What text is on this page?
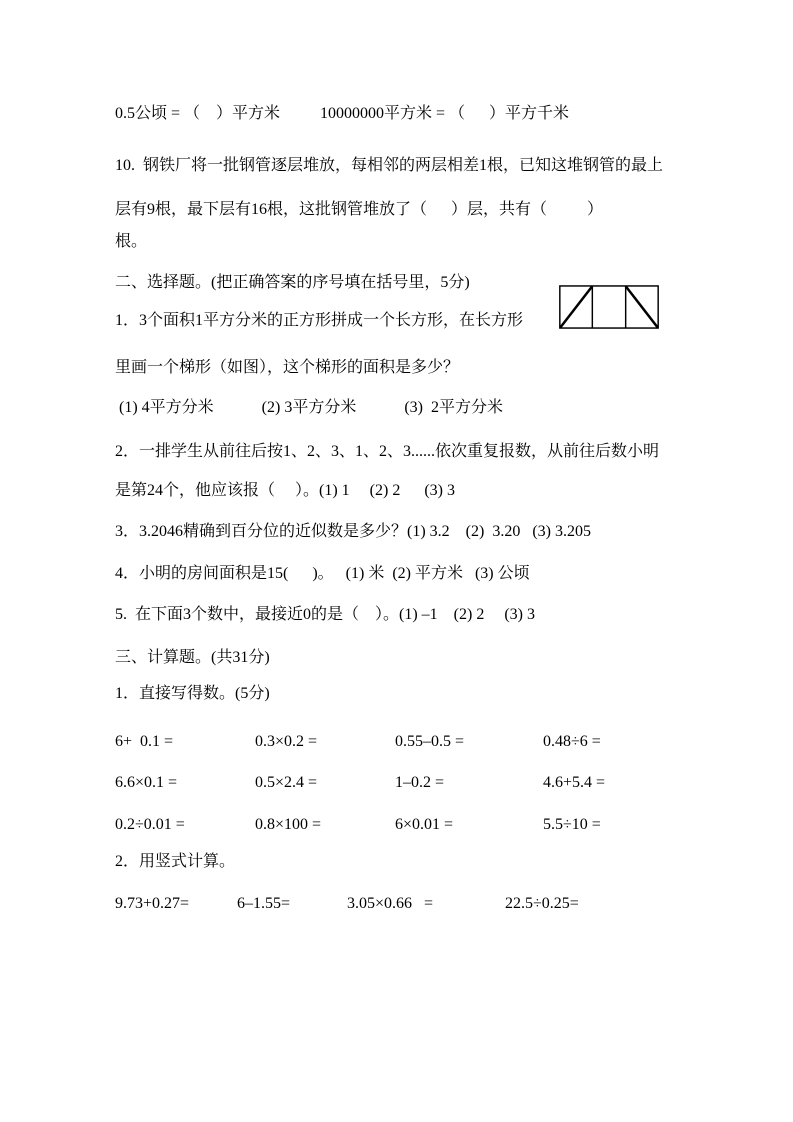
0.5公顷 = （    ）平方米          10000000平方米 = （      ）平方千米
10.  钢铁厂将一批钢管逐层堆放，每相邻的两层相差1根，已知这堆钢管的最上
层有9根，最下层有16根，这批钢管堆放了（      ）层，共有（          ）
根。
二、选择题。(把正确答案的序号填在括号里，5分)
1．3个面积1平方分米的正方形拼成一个长方形，在长方形
里画一个梯形（如图），这个梯形的面积是多少？
(1) 4平方分米            (2) 3平方分米            (3)  2平方分米
2．一排学生从前往后按1、2、3、1、2、3......依次重复报数，从前往后数小明
是第24个，他应该报（     ）。(1) 1     (2) 2      (3) 3
3．3.2046精确到百分位的近似数是多少？(1) 3.2    (2)  3.20   (3) 3.205
4．小明的房间面积是15(      )。   (1) 米  (2) 平方米   (3) 公顷
5.  在下面3个数中，最接近0的是（    ）。(1) –1    (2) 2     (3) 3
三、计算题。(共31分)
1．直接写得数。(5分)
6+  0.1 =	0.3×0.2 =	0.55–0.5 =	0.48÷6 =
6.6×0.1 =	0.5×2.4 =	1–0.2 =	4.6+5.4 =
0.2÷0.01 =	0.8×100 =	6×0.01 =	5.5÷10 =
2．用竖式计算。
9.73+0.27=	6–1.55=	3.05×0.66   =	22.5÷0.25=
